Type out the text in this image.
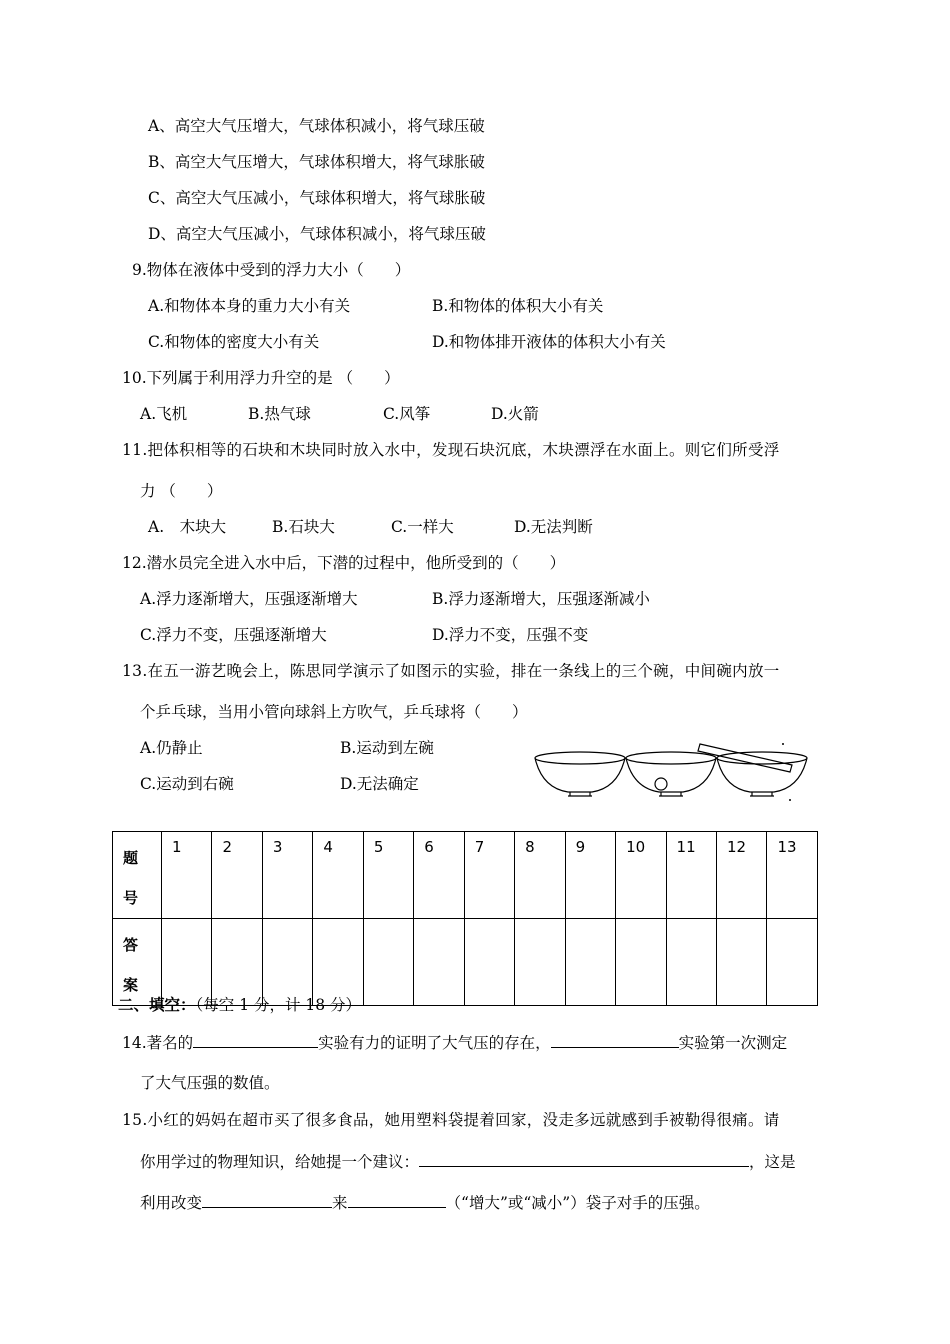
A、高空大气压增大，气球体积减小，将气球压破
B、高空大气压增大，气球体积增大，将气球胀破
C、高空大气压减小，气球体积增大，将气球胀破
D、高空大气压减小，气球体积减小，将气球压破
9.物体在液体中受到的浮力大小（　　）
A.和物体本身的重力大小有关	B.和物体的体积大小有关
C.和物体的密度大小有关	D.和物体排开液体的体积大小有关
10.下列属于利用浮力升空的是 （　　）
A.飞机	B.热气球	C.风筝	D.火箭
11.把体积相等的石块和木块同时放入水中，发现石块沉底，木块漂浮在水面上。则它们所受浮
力 （　　）
A.　木块大	B.石块大	C.一样大	D.无法判断
12.潜水员完全进入水中后，下潜的过程中，他所受到的（　　）
A.浮力逐渐增大，压强逐渐增大	B.浮力逐渐增大，压强逐渐减小
C.浮力不变，压强逐渐增大	D.浮力不变，压强不变
13.在五一游艺晚会上，陈思同学演示了如图示的实验，排在一条线上的三个碗，中间碗内放一
个乒乓球，当用小管向球斜上方吹气，乒乓球将（　　）
A.仍静止	B.运动到左碗
C.运动到右碗	D.无法确定
题
号	1	2	3	4	5	6	7	8	9	10	11	12	13

答
案													

二、填空：（每空 1 分，计 18 分）
14.著名的	实验有力的证明了大气压的存在，	实验第一次测定
了大气压强的数值。
15.小红的妈妈在超市买了很多食品，她用塑料袋提着回家，没走多远就感到手被勒得很痛。请
你用学过的物理知识，给她提一个建议：	，这是
利用改变	来	（“增大”或“减小”）袋子对手的压强。
